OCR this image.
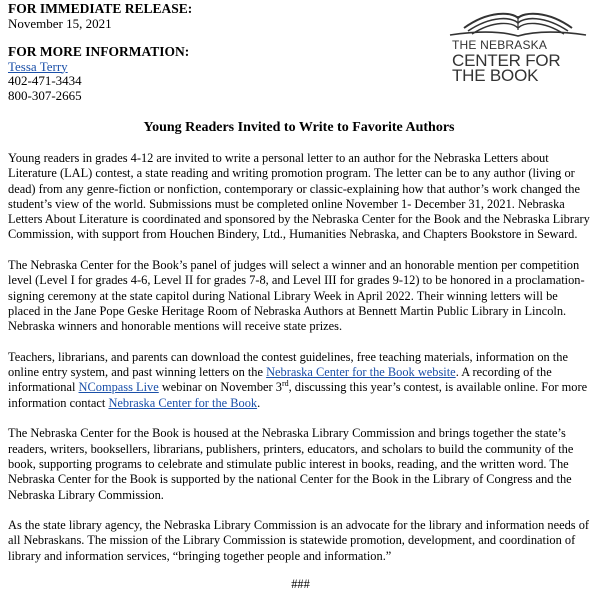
FOR IMMEDIATE RELEASE:
November 15, 2021
FOR MORE INFORMATION:
Tessa Terry
402-471-3434
800-307-2665
THE NEBRASKA
CENTER FOR
THE BOOK
Young Readers Invited to Write to Favorite Authors

Young readers in grades 4-12 are invited to write a personal letter to an author for the Nebraska Letters about Literature (LAL) contest, a state reading and writing promotion program. The letter can be to any author (living or dead) from any genre-fiction or nonfiction, contemporary or classic-explaining how that author’s work changed the student’s view of the world. Submissions must be completed online November 1- December 31, 2021. Nebraska Letters About Literature is coordinated and sponsored by the Nebraska Center for the Book and the Nebraska Library Commission, with support from Houchen Bindery, Ltd., Humanities Nebraska, and Chapters Bookstore in Seward.

The Nebraska Center for the Book’s panel of judges will select a winner and an honorable mention per competition level (Level I for grades 4-6, Level II for grades 7-8, and Level III for grades 9-12) to be honored in a proclamation-signing ceremony at the state capitol during National Library Week in April 2022. Their winning letters will be placed in the Jane Pope Geske Heritage Room of Nebraska Authors at Bennett Martin Public Library in Lincoln. Nebraska winners and honorable mentions will receive state prizes.

Teachers, librarians, and parents can download the contest guidelines, free teaching materials, information on the online entry system, and past winning letters on the Nebraska Center for the Book website. A recording of the informational NCompass Live webinar on November 3rd, discussing this year’s contest, is available online. For more information contact Nebraska Center for the Book.

The Nebraska Center for the Book is housed at the Nebraska Library Commission and brings together the state’s readers, writers, booksellers, librarians, publishers, printers, educators, and scholars to build the community of the book, supporting programs to celebrate and stimulate public interest in books, reading, and the written word. The Nebraska Center for the Book is supported by the national Center for the Book in the Library of Congress and the Nebraska Library Commission.

As the state library agency, the Nebraska Library Commission is an advocate for the library and information needs of all Nebraskans. The mission of the Library Commission is statewide promotion, development, and coordination of library and information services, “bringing together people and information.”

###
